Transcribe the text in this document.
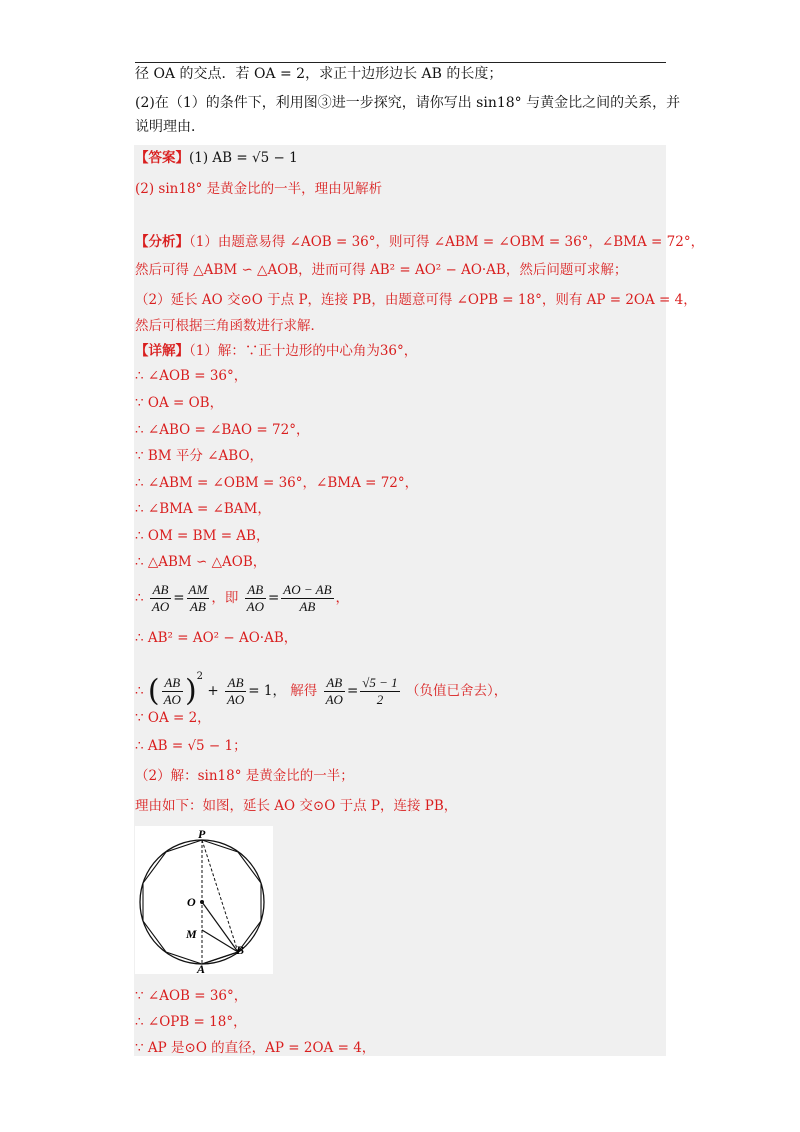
径 OA 的交点．若 OA = 2，求正十边形边长 AB 的长度；
(2)在（1）的条件下，利用图③进一步探究，请你写出 sin18° 与黄金比之间的关系，并
说明理由．
【答案】(1) AB = √5 − 1
(2) sin18° 是黄金比的一半，理由见解析
【分析】（1）由题意易得 ∠AOB = 36°，则可得 ∠ABM = ∠OBM = 36°，∠BMA = 72°，
然后可得 △ABM ∽ △AOB，进而可得 AB² = AO² − AO·AB，然后问题可求解；
（2）延长 AO 交⊙O 于点 P，连接 PB，由题意可得 ∠OPB = 18°，则有 AP = 2OA = 4，
然后可根据三角函数进行求解．
【详解】（1）解：∵正十边形的中心角为36°，
∴ ∠AOB = 36°，
∵ OA = OB，
∴ ∠ABO = ∠BAO = 72°，
∵ BM 平分 ∠ABO，
∴ ∠ABM = ∠OBM = 36°，∠BMA = 72°，
∴ ∠BMA = ∠BAM，
∴ OM = BM = AB，
∴ △ABM ∽ △AOB，
∴ $\frac{AB}{AO} = \frac{AM}{AB}$ ，即 $\frac{AB}{AO} = \frac{AO - AB}{AB}$ ，
∴ AB² = AO² − AO·AB，
∴ ( $\frac{AB}{AO} )^2 + \frac{AB}{AO} = 1$， 解得 $\frac{AB}{AO} = \frac{√5 - 1}{2}$ （负值已舍去），
∵ OA = 2，
∴ AB = √5 − 1；
（2）解：sin18° 是黄金比的一半；
理由如下：如图，延长 AO 交⊙O 于点 P，连接 PB，
P
O
M
A
B
∵ ∠AOB = 36°，
∴ ∠OPB = 18°，
∵ AP 是⊙O 的直径，AP = 2OA = 4，
